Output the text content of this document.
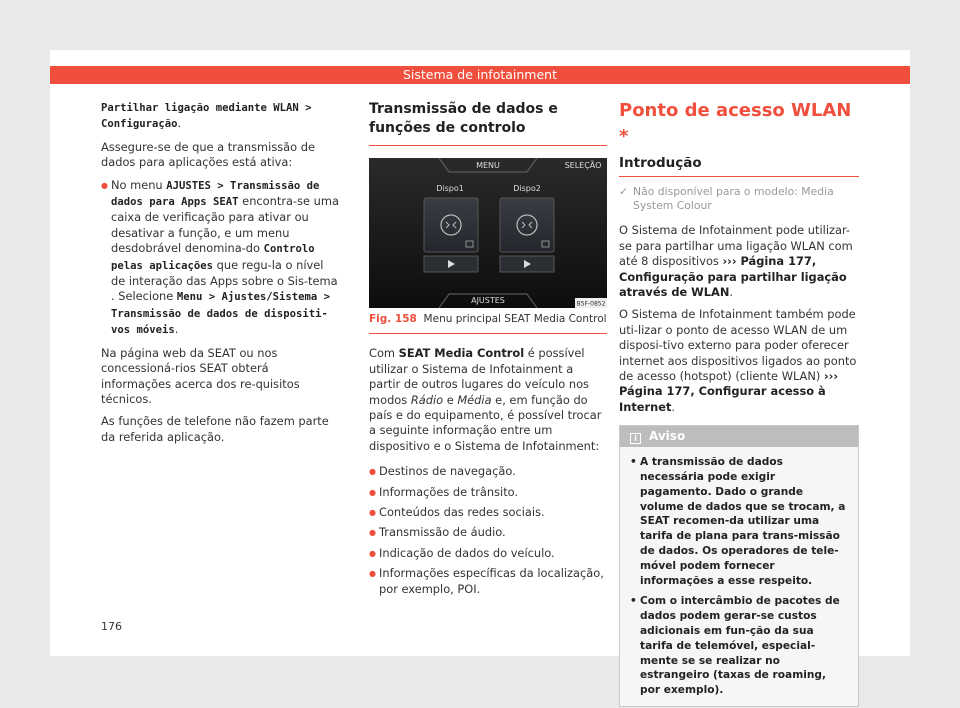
Sistema de infotainment

Partilhar ligação mediante WLAN > Configuração.

Assegure-se de que a transmissão de dados para aplicações está ativa:

● No menu AJUSTES > Transmissão de dados para Apps SEAT encontra-se uma caixa de verificação para ativar ou desativar a função, e um menu desdobrável denomina-do Controlo pelas aplicações que regu-la o nível de interação das Apps sobre o Sis-tema . Selecione Menu > Ajustes/Sistema > Transmissão de dados de dispositi-vos móveis.

Na página web da SEAT ou nos concessioná-rios SEAT obterá informações acerca dos re-quisitos técnicos.

As funções de telefone não fazem parte da referida aplicação.

Transmissão de dados e funções de controlo
MENU	SELEÇÃO
Dispo1	Dispo2
AJUSTES	B5F-0852
Fig. 158 Menu principal SEAT Media Control

Com SEAT Media Control é possível utilizar o Sistema de Infotainment a partir de outros lugares do veículo nos modos Rádio e Média e, em função do país e do equipamento, é possível trocar a seguinte informação entre um dispositivo e o Sistema de Infotainment:

● Destinos de navegação.
● Informações de trânsito.
● Conteúdos das redes sociais.
● Transmissão de áudio.
● Indicação de dados do veículo.
● Informações específicas da localização, por exemplo, POI.
Ponto de acesso WLAN *
Introdução
✓ Não disponível para o modelo: Media System Colour

O Sistema de Infotainment pode utilizar-se para partilhar uma ligação WLAN com até 8 dispositivos ››› Página 177, Configuração para partilhar ligação através de WLAN.

O Sistema de Infotainment também pode uti-lizar o ponto de acesso WLAN de um disposi-tivo externo para poder oferecer internet aos dispositivos ligados ao ponto de acesso (hotspot) (cliente WLAN) ››› Página 177, Configurar acesso à Internet.

i Aviso
• A transmissão de dados necessária pode exigir pagamento. Dado o grande volume de dados que se trocam, a SEAT recomen-da utilizar uma tarifa de plana para trans-missão de dados. Os operadores de tele-móvel podem fornecer informações a esse respeito.
• Com o intercâmbio de pacotes de dados podem gerar-se custos adicionais em fun-ção da sua tarifa de telemóvel, especial-mente se se realizar no estrangeiro (taxas de roaming, por exemplo).
176
